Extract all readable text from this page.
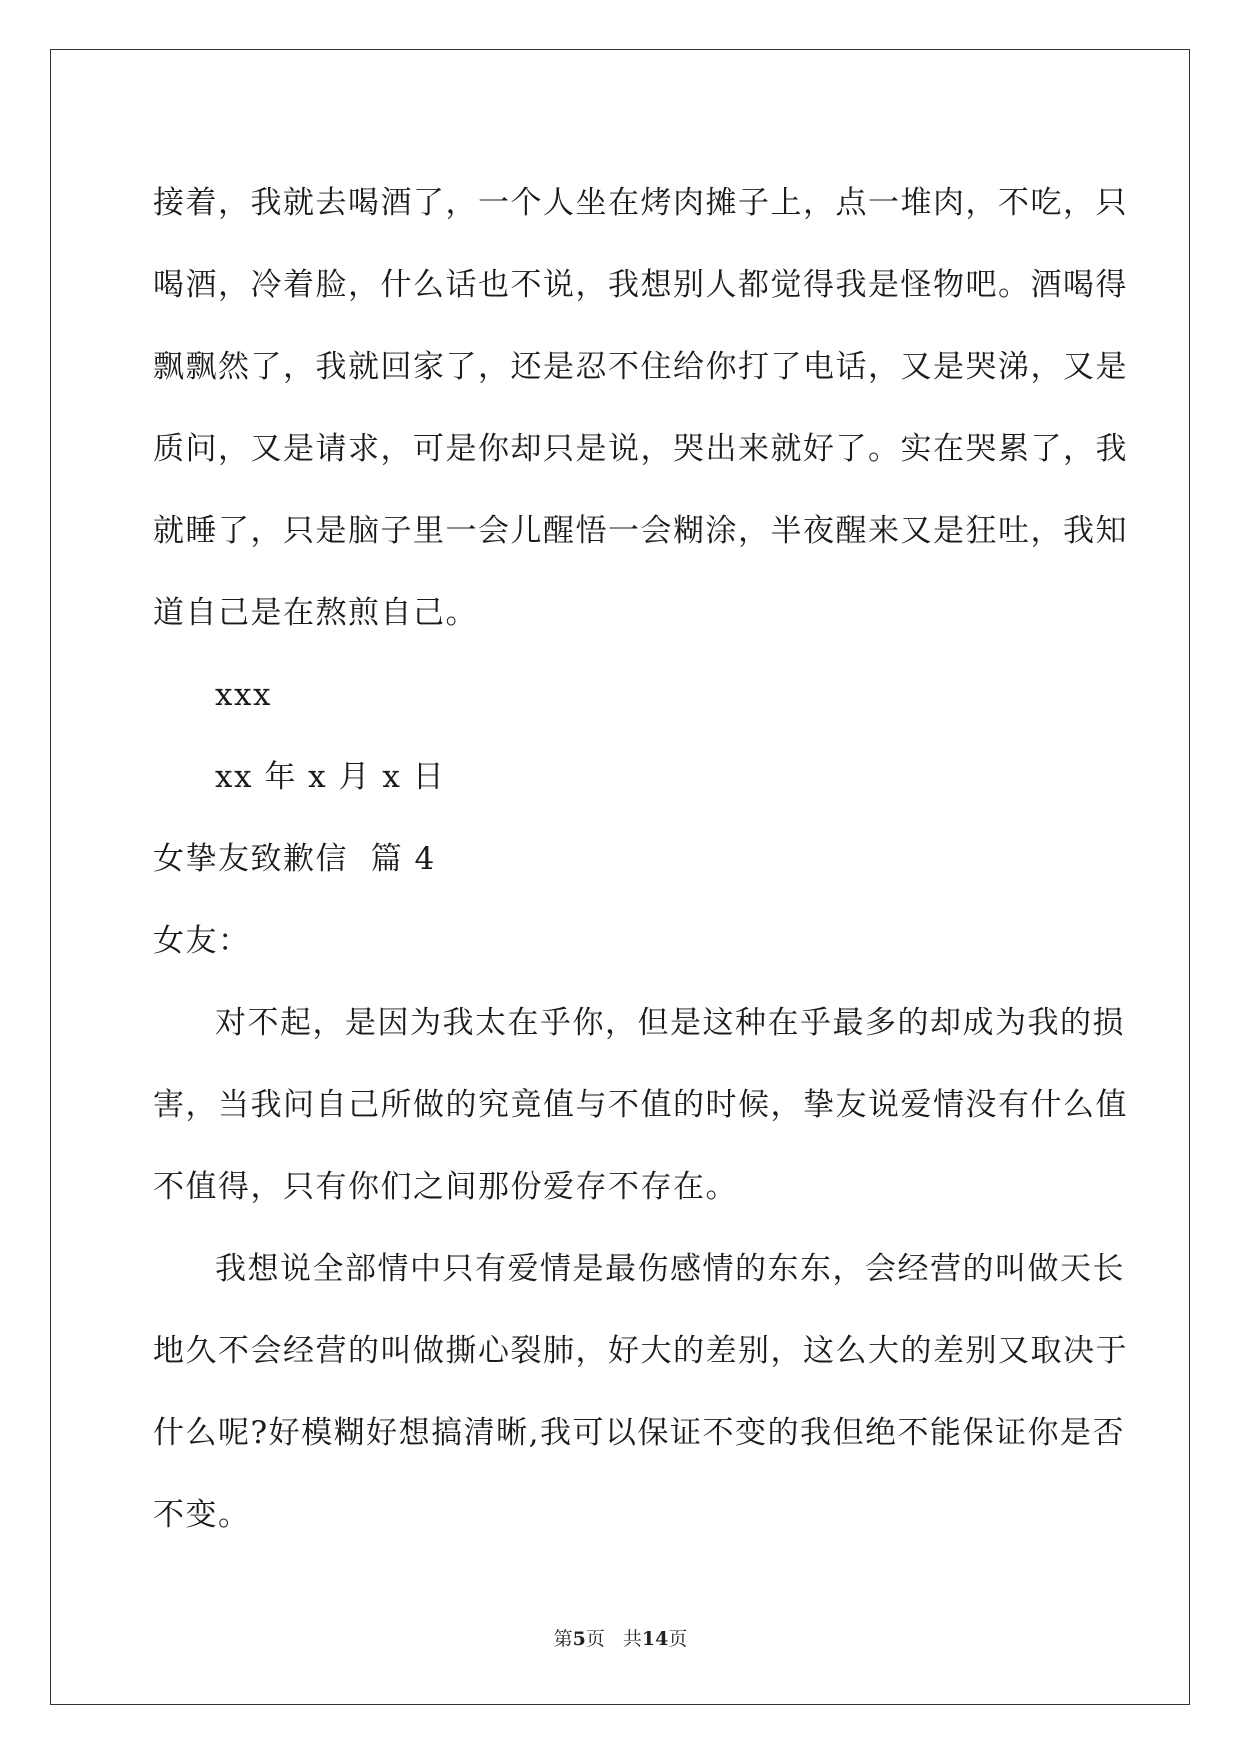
接着，我就去喝酒了，一个人坐在烤肉摊子上，点一堆肉，不吃，只
喝酒，冷着脸，什么话也不说，我想别人都觉得我是怪物吧。酒喝得
飘飘然了，我就回家了，还是忍不住给你打了电话，又是哭涕，又是
质问，又是请求，可是你却只是说，哭出来就好了。实在哭累了，我
就睡了，只是脑子里一会儿醒悟一会糊涂，半夜醒来又是狂吐，我知
道自己是在熬煎自己。
xxx
xx 年 x 月 x 日
女挚友致歉信  篇 4
女友：
对不起，是因为我太在乎你，但是这种在乎最多的却成为我的损
害，当我问自己所做的究竟值与不值的时候，挚友说爱情没有什么值
不值得，只有你们之间那份爱存不存在。
我想说全部情中只有爱情是最伤感情的东东，会经营的叫做天长
地久不会经营的叫做撕心裂肺，好大的差别，这么大的差别又取决于
什么呢?好模糊好想搞清晰,我可以保证不变的我但绝不能保证你是否
不变。
第5页 共14页
